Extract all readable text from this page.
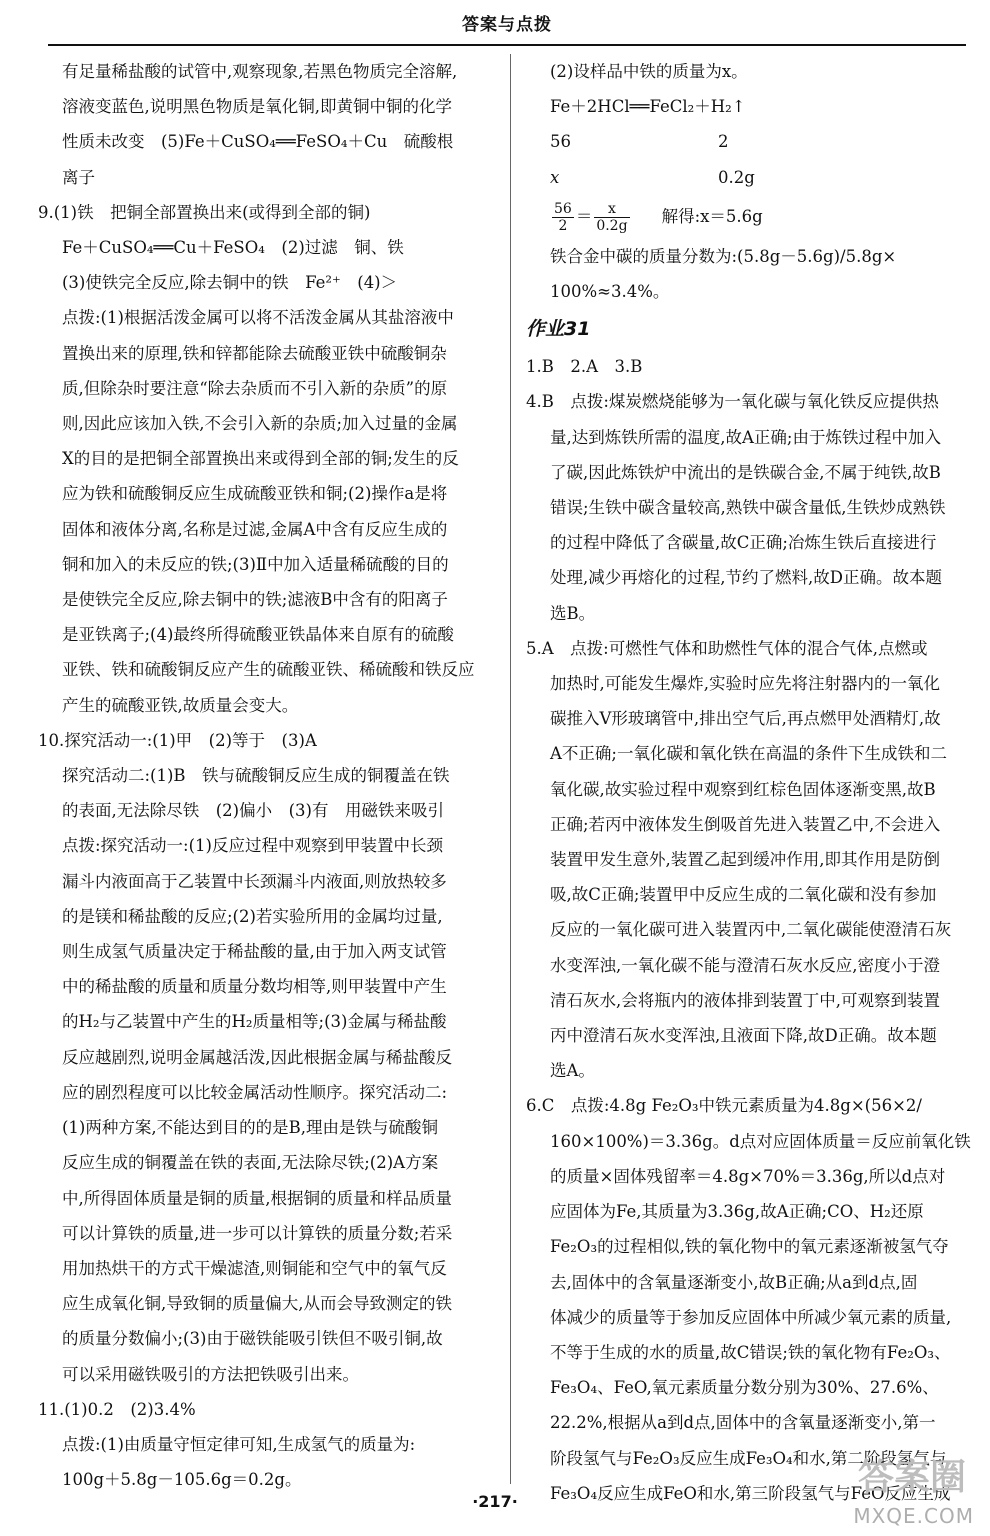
答案与点拨

有足量稀盐酸的试管中,观察现象,若黑色物质完全溶解,

溶液变蓝色,说明黑色物质是氧化铜,即黄铜中铜的化学

性质未改变　(5)Fe＋CuSO₄══FeSO₄＋Cu　硫酸根

离子

9.(1)铁　把铜全部置换出来(或得到全部的铜)

Fe＋CuSO₄══Cu＋FeSO₄　(2)过滤　铜、铁

(3)使铁完全反应,除去铜中的铁　Fe²⁺　(4)＞

点拨:(1)根据活泼金属可以将不活泼金属从其盐溶液中

置换出来的原理,铁和锌都能除去硫酸亚铁中硫酸铜杂

质,但除杂时要注意“除去杂质而不引入新的杂质”的原

则,因此应该加入铁,不会引入新的杂质;加入过量的金属

X的目的是把铜全部置换出来或得到全部的铜;发生的反

应为铁和硫酸铜反应生成硫酸亚铁和铜;(2)操作a是将

固体和液体分离,名称是过滤,金属A中含有反应生成的

铜和加入的未反应的铁;(3)Ⅱ中加入适量稀硫酸的目的

是使铁完全反应,除去铜中的铁;滤液B中含有的阳离子

是亚铁离子;(4)最终所得硫酸亚铁晶体来自原有的硫酸

亚铁、铁和硫酸铜反应产生的硫酸亚铁、稀硫酸和铁反应

产生的硫酸亚铁,故质量会变大。

10.探究活动一:(1)甲　(2)等于　(3)A

探究活动二:(1)B　铁与硫酸铜反应生成的铜覆盖在铁

的表面,无法除尽铁　(2)偏小　(3)有　用磁铁来吸引

点拨:探究活动一:(1)反应过程中观察到甲装置中长颈

漏斗内液面高于乙装置中长颈漏斗内液面,则放热较多

的是镁和稀盐酸的反应;(2)若实验所用的金属均过量,

则生成氢气质量决定于稀盐酸的量,由于加入两支试管

中的稀盐酸的质量和质量分数均相等,则甲装置中产生

的H₂与乙装置中产生的H₂质量相等;(3)金属与稀盐酸

反应越剧烈,说明金属越活泼,因此根据金属与稀盐酸反

应的剧烈程度可以比较金属活动性顺序。探究活动二:

(1)两种方案,不能达到目的的是B,理由是铁与硫酸铜

反应生成的铜覆盖在铁的表面,无法除尽铁;(2)A方案

中,所得固体质量是铜的质量,根据铜的质量和样品质量

可以计算铁的质量,进一步可以计算铁的质量分数;若采

用加热烘干的方式干燥滤渣,则铜能和空气中的氧气反

应生成氧化铜,导致铜的质量偏大,从而会导致测定的铁

的质量分数偏小;(3)由于磁铁能吸引铁但不吸引铜,故

可以采用磁铁吸引的方法把铁吸引出来。

11.(1)0.2　(2)3.4%

点拨:(1)由质量守恒定律可知,生成氢气的质量为:

100g＋5.8g－105.6g＝0.2g。

(2)设样品中铁的质量为x。

Fe＋2HCl══FeCl₂＋H₂↑

56	2

x	0.2g

$\frac{56}{2} = \frac{x}{0.2g}$ 解得:x＝5.6g

铁合金中碳的质量分数为:(5.8g－5.6g)/5.8g×

100%≈3.4%。

作业31

1.B　2.A　3.B

4.B　点拨:煤炭燃烧能够为一氧化碳与氧化铁反应提供热

量,达到炼铁所需的温度,故A正确;由于炼铁过程中加入

了碳,因此炼铁炉中流出的是铁碳合金,不属于纯铁,故B

错误;生铁中碳含量较高,熟铁中碳含量低,生铁炒成熟铁

的过程中降低了含碳量,故C正确;冶炼生铁后直接进行

处理,减少再熔化的过程,节约了燃料,故D正确。故本题

选B。

5.A　点拨:可燃性气体和助燃性气体的混合气体,点燃或

加热时,可能发生爆炸,实验时应先将注射器内的一氧化

碳推入V形玻璃管中,排出空气后,再点燃甲处酒精灯,故

A不正确;一氧化碳和氧化铁在高温的条件下生成铁和二

氧化碳,故实验过程中观察到红棕色固体逐渐变黑,故B

正确;若丙中液体发生倒吸首先进入装置乙中,不会进入

装置甲发生意外,装置乙起到缓冲作用,即其作用是防倒

吸,故C正确;装置甲中反应生成的二氧化碳和没有参加

反应的一氧化碳可进入装置丙中,二氧化碳能使澄清石灰

水变浑浊,一氧化碳不能与澄清石灰水反应,密度小于澄

清石灰水,会将瓶内的液体排到装置丁中,可观察到装置

丙中澄清石灰水变浑浊,且液面下降,故D正确。故本题

选A。

6.C　点拨:4.8g Fe₂O₃中铁元素质量为4.8g×(56×2/

160×100%)＝3.36g。d点对应固体质量＝反应前氧化铁

的质量×固体残留率＝4.8g×70%＝3.36g,所以d点对

应固体为Fe,其质量为3.36g,故A正确;CO、H₂还原

Fe₂O₃的过程相似,铁的氧化物中的氧元素逐渐被氢气夺

去,固体中的含氧量逐渐变小,故B正确;从a到d点,固

体减少的质量等于参加反应固体中所减少氧元素的质量,

不等于生成的水的质量,故C错误;铁的氧化物有Fe₂O₃、

Fe₃O₄、FeO,氧元素质量分数分别为30%、27.6%、

22.2%,根据从a到d点,固体中的含氧量逐渐变小,第一

阶段氢气与Fe₂O₃反应生成Fe₃O₄和水,第二阶段氢气与

Fe₃O₄反应生成FeO和水,第三阶段氢气与FeO反应生成

·217·
答案圈
MXQE.COM
